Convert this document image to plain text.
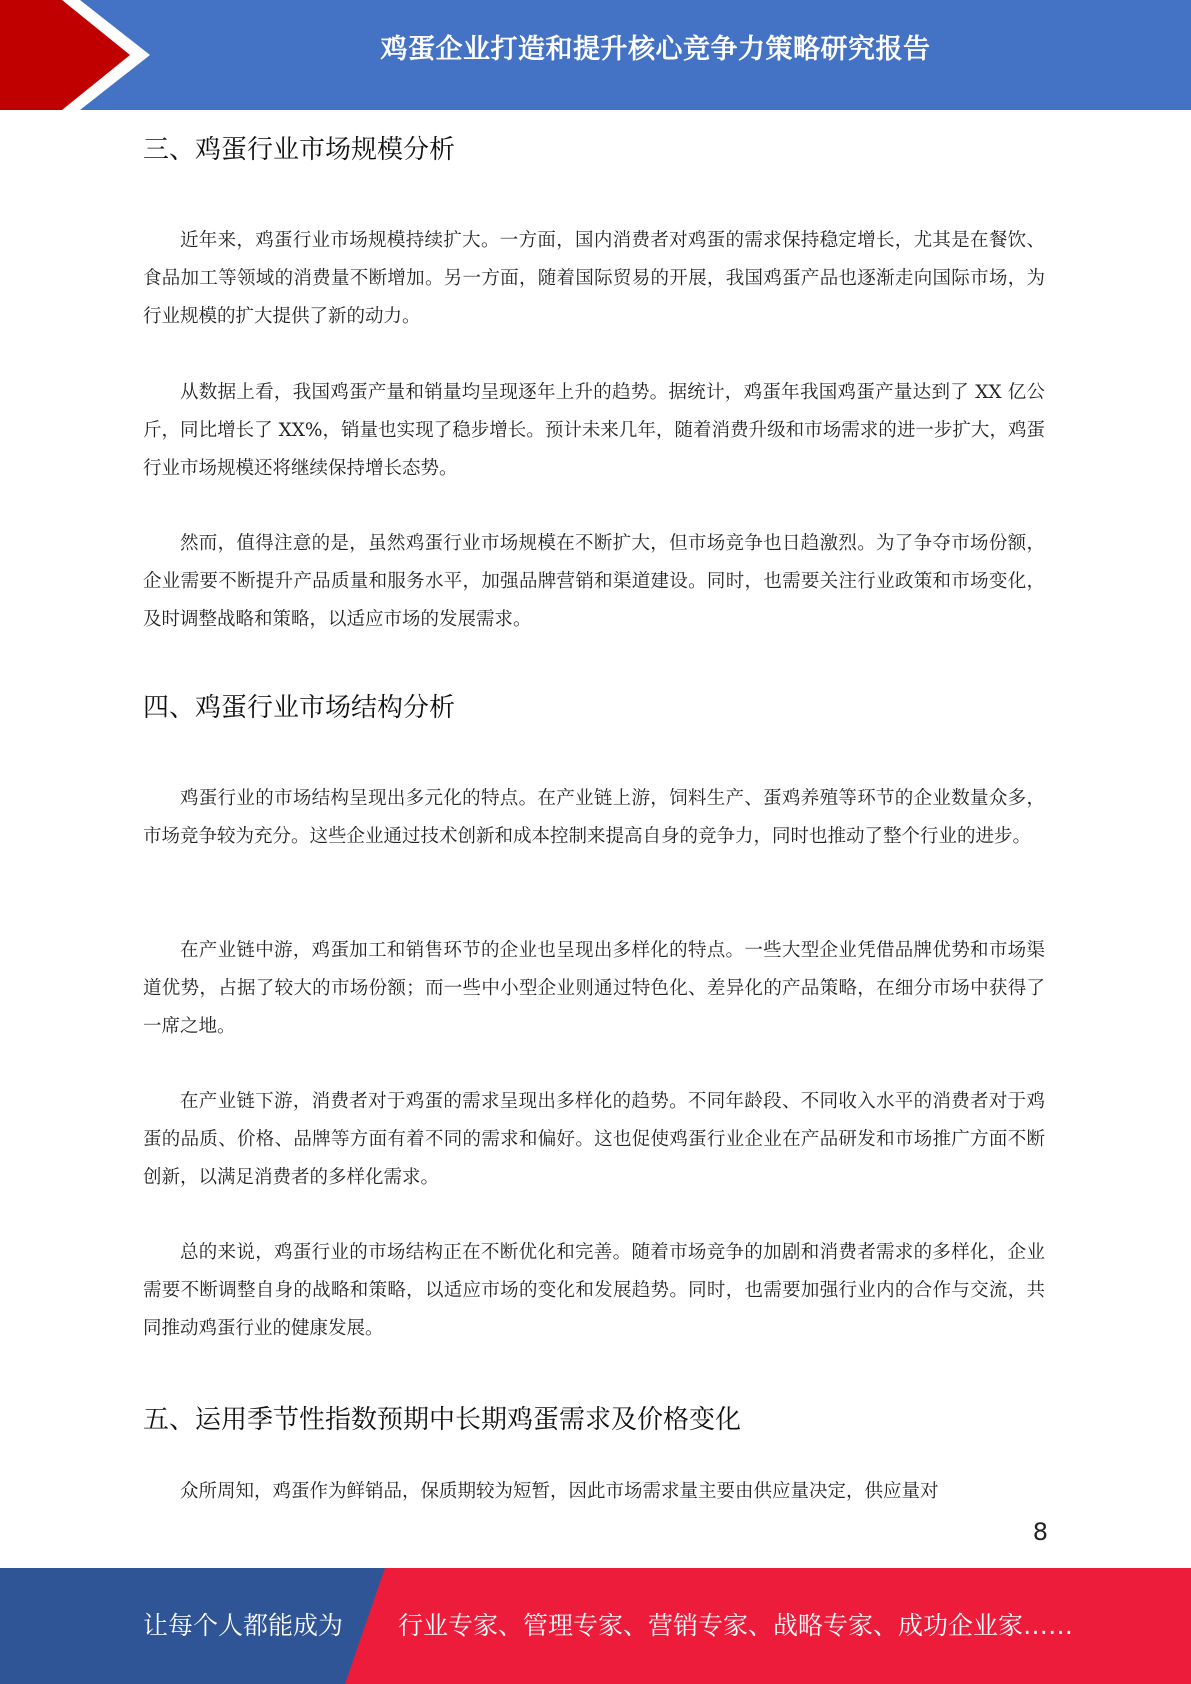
鸡蛋企业打造和提升核心竞争力策略研究报告
三、鸡蛋行业市场规模分析

近年来，鸡蛋行业市场规模持续扩大。一方面，国内消费者对鸡蛋的需求保持稳定增长，尤其是在餐饮、食品加工等领域的消费量不断增加。另一方面，随着国际贸易的开展，我国鸡蛋产品也逐渐走向国际市场，为行业规模的扩大提供了新的动力。

从数据上看，我国鸡蛋产量和销量均呈现逐年上升的趋势。据统计，鸡蛋年我国鸡蛋产量达到了 XX 亿公斤，同比增长了 XX%，销量也实现了稳步增长。预计未来几年，随着消费升级和市场需求的进一步扩大，鸡蛋行业市场规模还将继续保持增长态势。

然而，值得注意的是，虽然鸡蛋行业市场规模在不断扩大，但市场竞争也日趋激烈。为了争夺市场份额，企业需要不断提升产品质量和服务水平，加强品牌营销和渠道建设。同时，也需要关注行业政策和市场变化，及时调整战略和策略，以适应市场的发展需求。

四、鸡蛋行业市场结构分析

鸡蛋行业的市场结构呈现出多元化的特点。在产业链上游，饲料生产、蛋鸡养殖等环节的企业数量众多，市场竞争较为充分。这些企业通过技术创新和成本控制来提高自身的竞争力，同时也推动了整个行业的进步。

在产业链中游，鸡蛋加工和销售环节的企业也呈现出多样化的特点。一些大型企业凭借品牌优势和市场渠道优势，占据了较大的市场份额；而一些中小型企业则通过特色化、差异化的产品策略，在细分市场中获得了一席之地。

在产业链下游，消费者对于鸡蛋的需求呈现出多样化的趋势。不同年龄段、不同收入水平的消费者对于鸡蛋的品质、价格、品牌等方面有着不同的需求和偏好。这也促使鸡蛋行业企业在产品研发和市场推广方面不断创新，以满足消费者的多样化需求。

总的来说，鸡蛋行业的市场结构正在不断优化和完善。随着市场竞争的加剧和消费者需求的多样化，企业需要不断调整自身的战略和策略，以适应市场的变化和发展趋势。同时，也需要加强行业内的合作与交流，共同推动鸡蛋行业的健康发展。

五、运用季节性指数预期中长期鸡蛋需求及价格变化

众所周知，鸡蛋作为鲜销品，保质期较为短暂，因此市场需求量主要由供应量决定，供应量对

8
让每个人都能成为 行业专家、管理专家、营销专家、战略专家、成功企业家……
